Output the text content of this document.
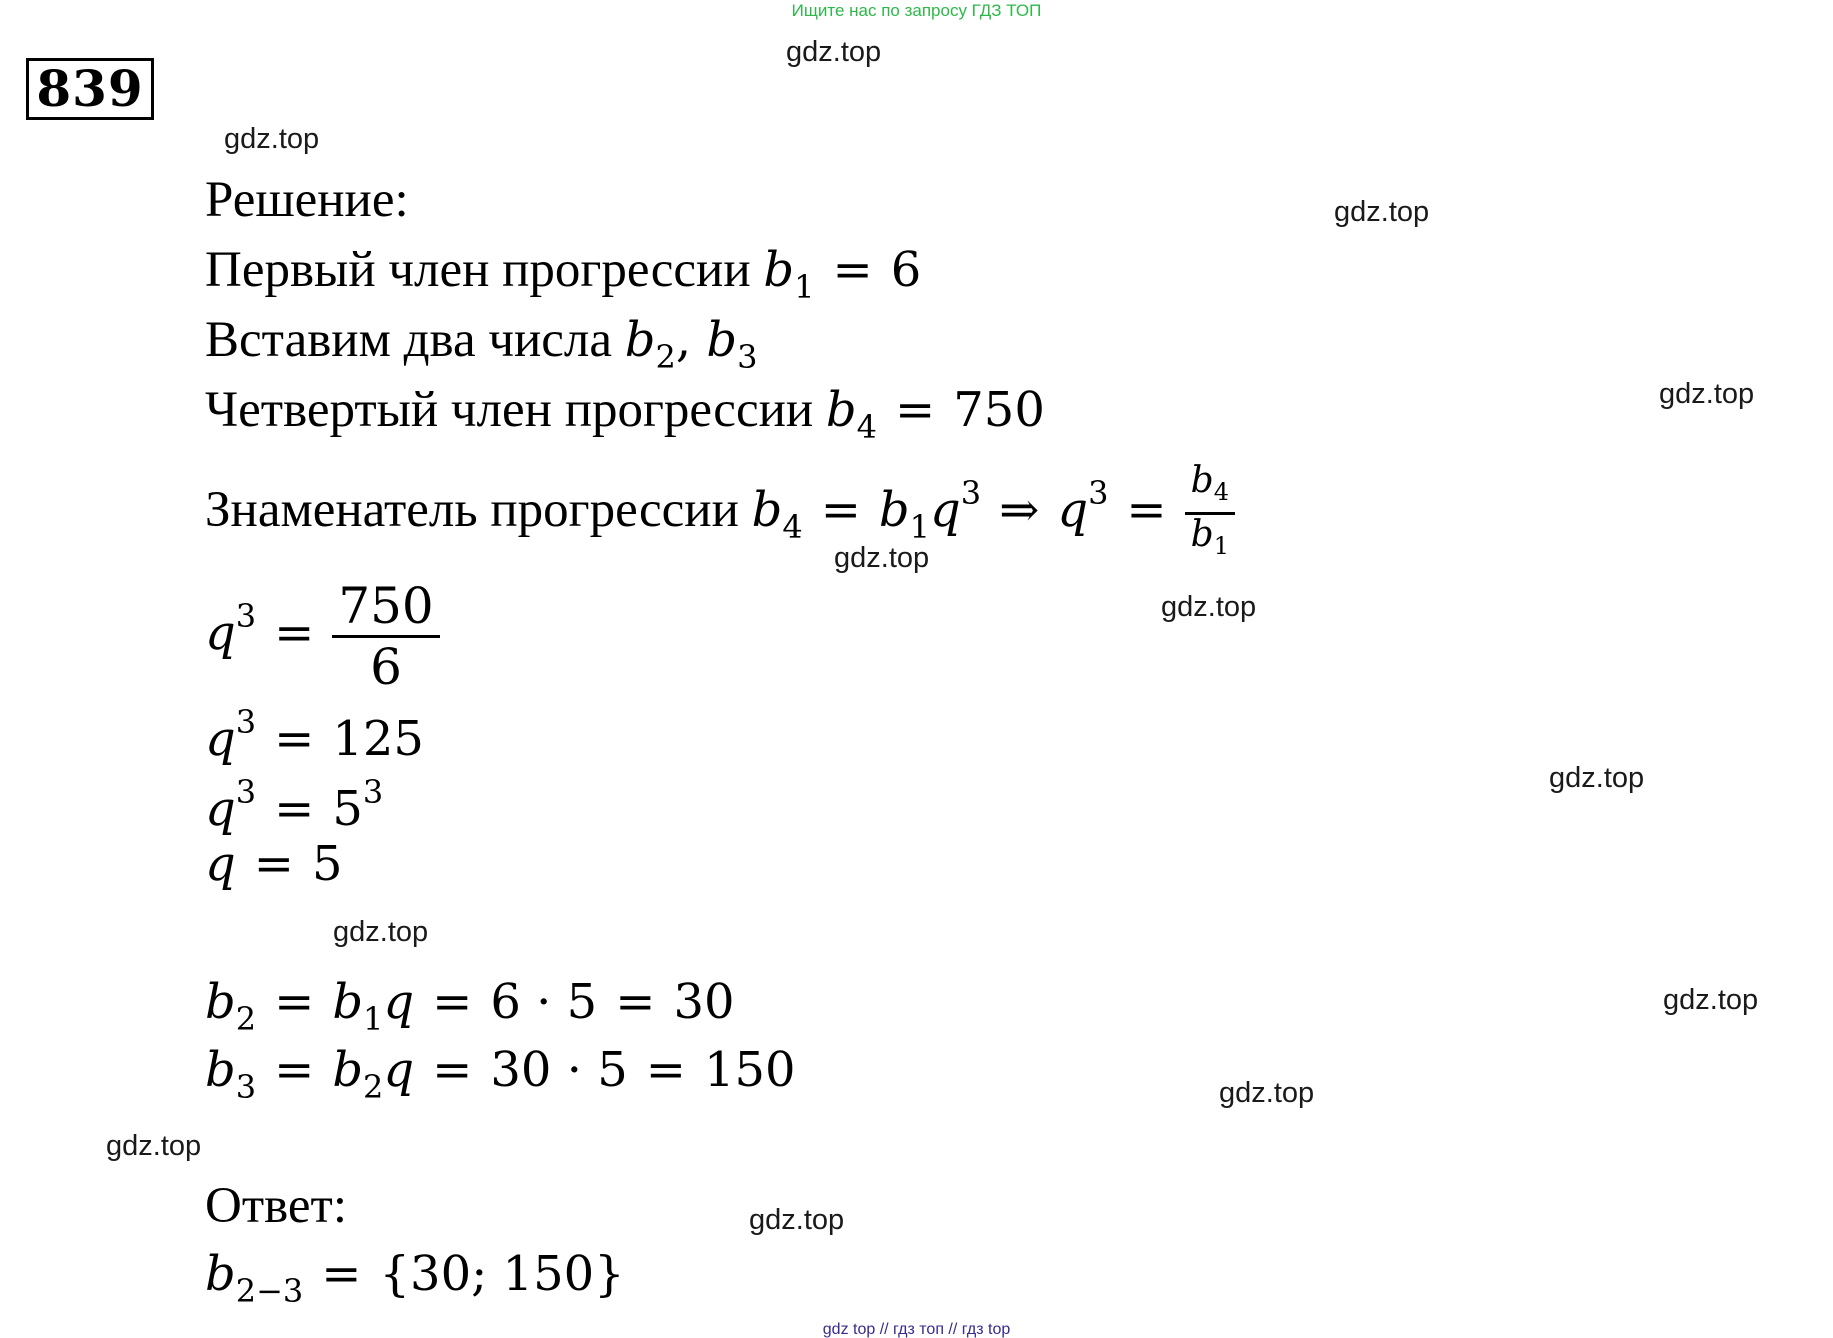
Ищите нас по запросу ГДЗ ТОП
839
gdz.top
gdz.top
gdz.top
gdz.top
gdz.top
gdz.top
gdz.top
gdz.top
gdz.top
gdz.top
gdz.top
gdz.top
Решение:
Первый член прогрессии $b_1 = 6$
Вставим два числа $b_2$, $b_3$
Четвертый член прогрессии $b_4 = 750$
Знаменатель прогрессии $b_4 = b_1q^3$ ⇒ $q^3 = \frac{b_4}{b_1}$
$q^3 = \frac{750}{6}$
$q^3 = 125$
$q^3 = 5^3$
q = 5
$b_2 = b_1q = 6 \cdot 5 = 30$
$b_3 = b_2q = 30 \cdot 5 = 150$
Ответ:
$b_{2-3} = \{30$; 150}
gdz top // гдз топ // гдз top
